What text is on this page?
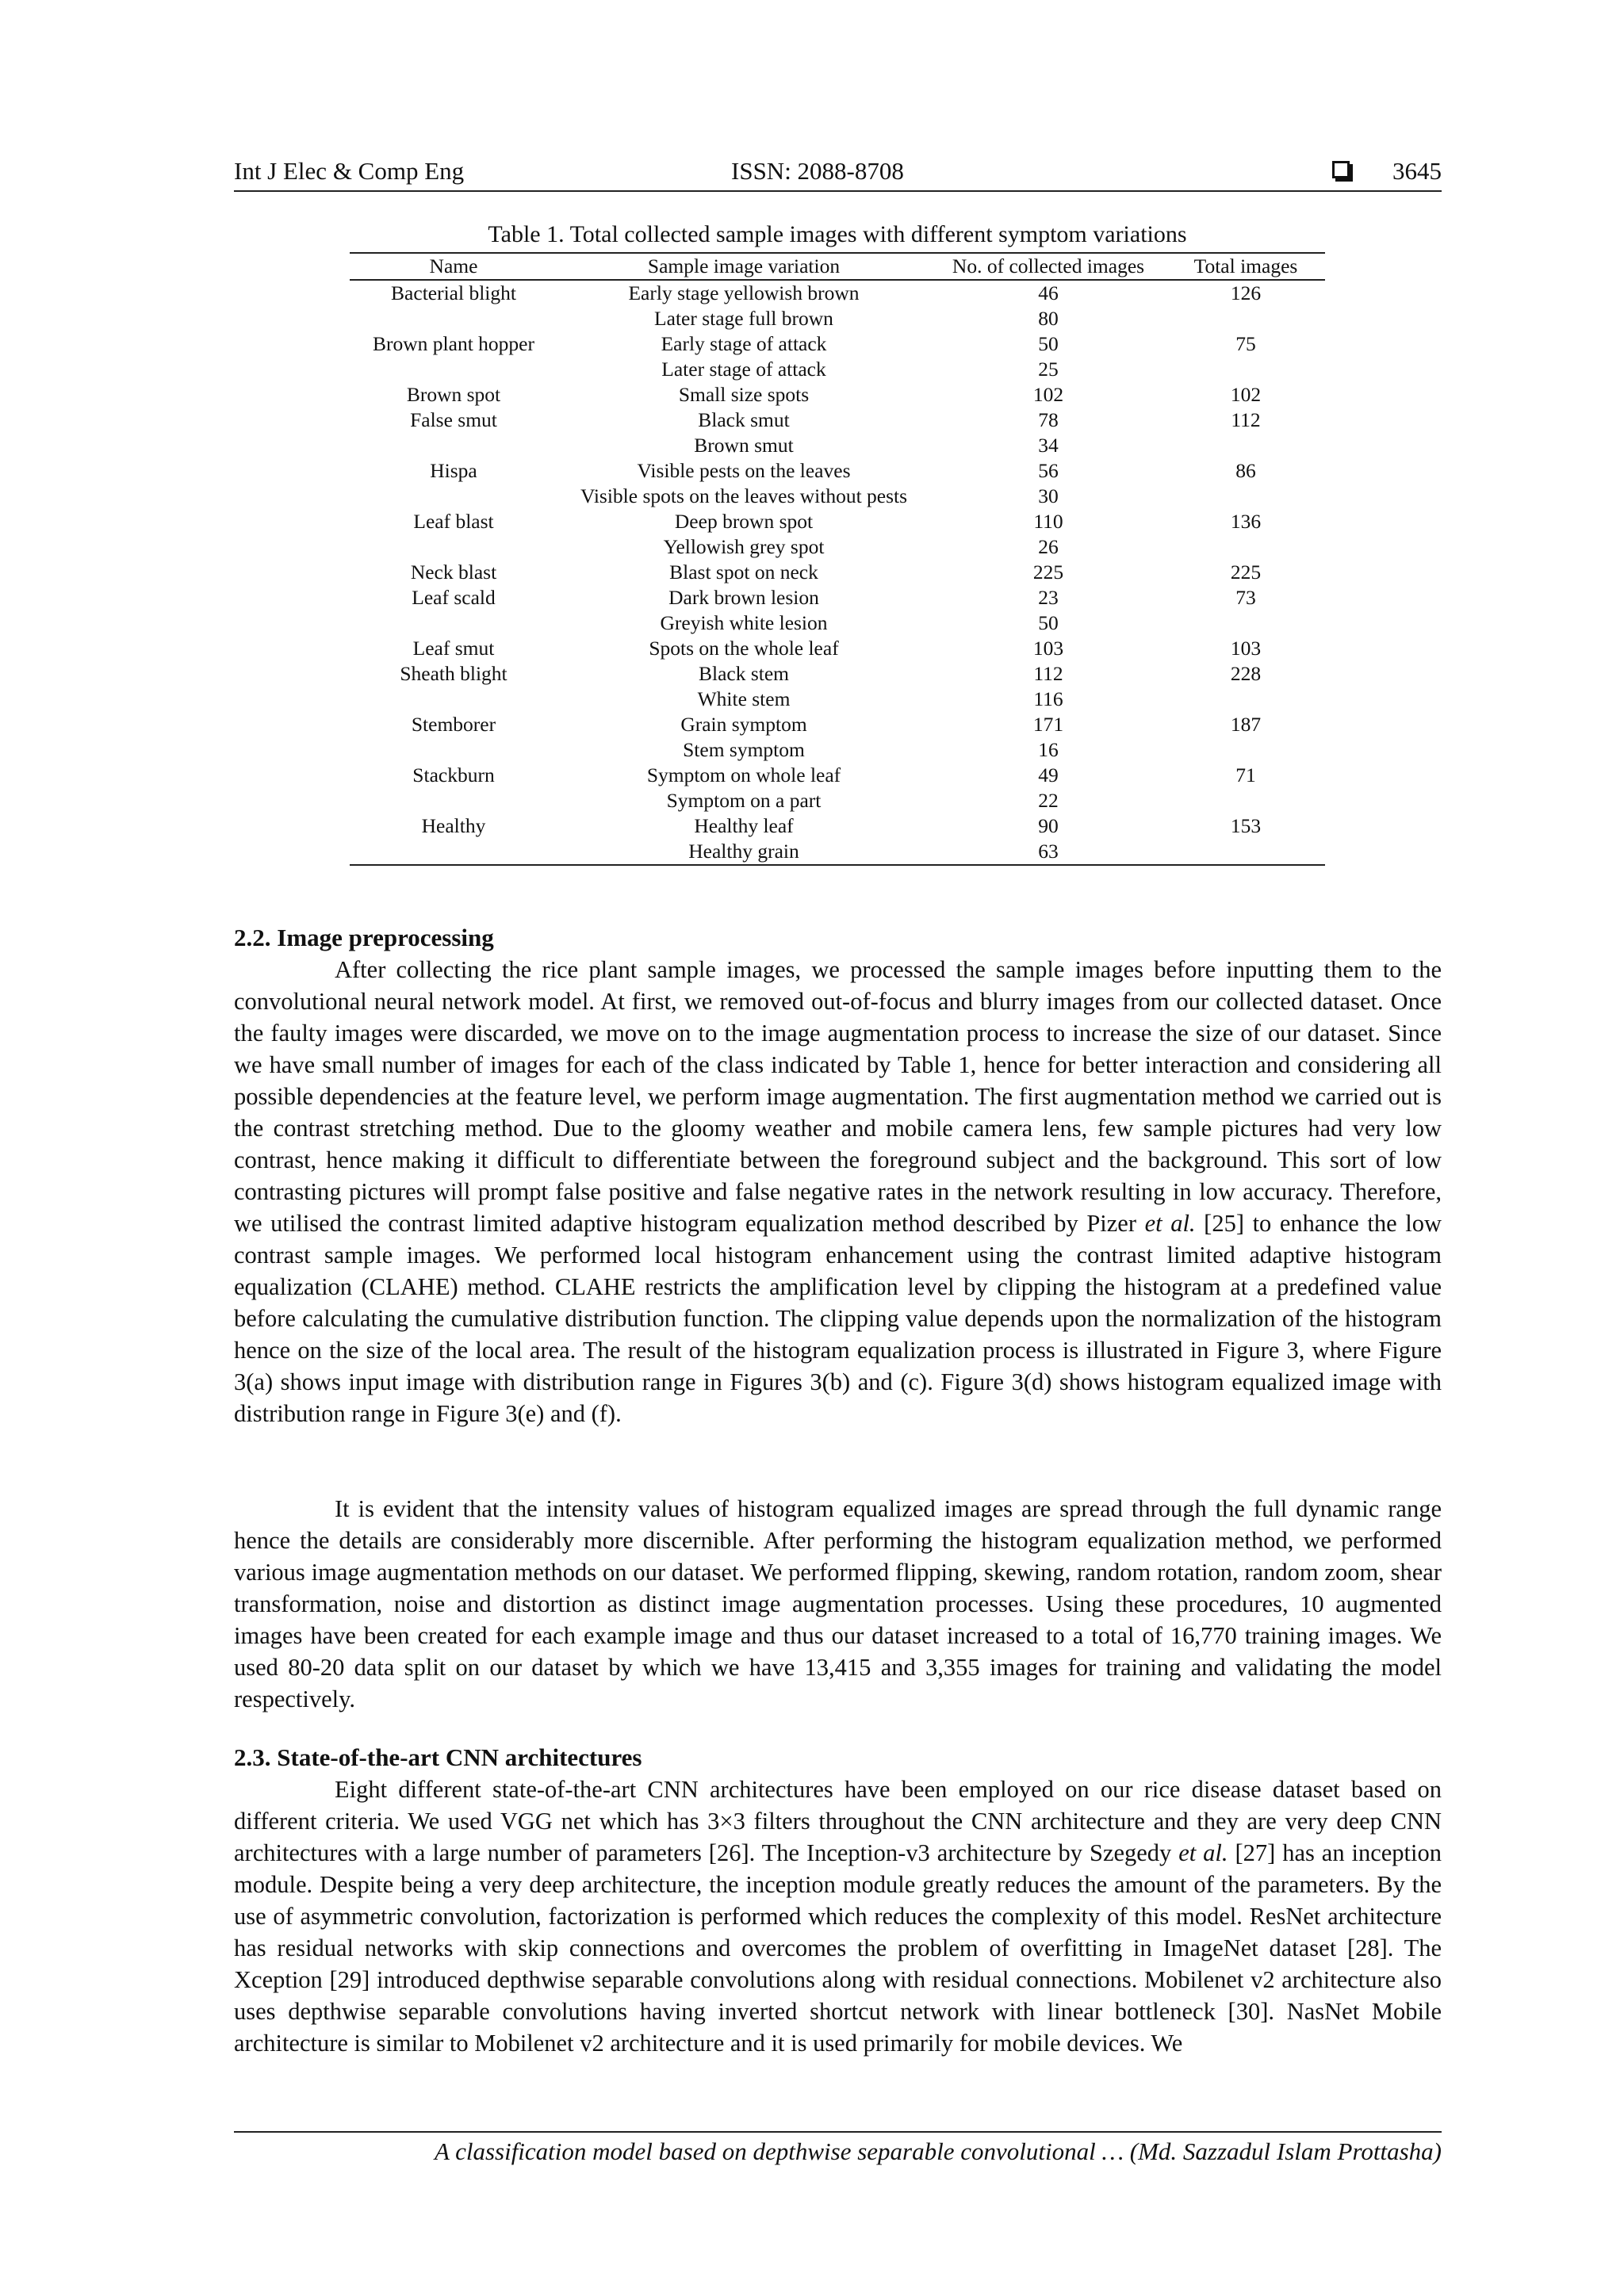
Int J Elec & Comp Eng	ISSN: 2088-8708	3645
Table 1. Total collected sample images with different symptom variations
Name	Sample image variation	No. of collected images	Total images
Bacterial blight	Early stage yellowish brown	46	126
	Later stage full brown	80	
Brown plant hopper	Early stage of attack	50	75
	Later stage of attack	25	
Brown spot	Small size spots	102	102
False smut	Black smut	78	112
	Brown smut	34	
Hispa	Visible pests on the leaves	56	86
	Visible spots on the leaves without pests	30	
Leaf blast	Deep brown spot	110	136
	Yellowish grey spot	26	
Neck blast	Blast spot on neck	225	225
Leaf scald	Dark brown lesion	23	73
	Greyish white lesion	50	
Leaf smut	Spots on the whole leaf	103	103
Sheath blight	Black stem	112	228
	White stem	116	
Stemborer	Grain symptom	171	187
	Stem symptom	16	
Stackburn	Symptom on whole leaf	49	71
	Symptom on a part	22	
Healthy	Healthy leaf	90	153
	Healthy grain	63	
2.2. Image preprocessing

After collecting the rice plant sample images, we processed the sample images before inputting them to the convolutional neural network model. At first, we removed out-of-focus and blurry images from our collected dataset. Once the faulty images were discarded, we move on to the image augmentation process to increase the size of our dataset. Since we have small number of images for each of the class indicated by Table 1, hence for better interaction and considering all possible dependencies at the feature level, we perform image augmentation. The first augmentation method we carried out is the contrast stretching method. Due to the gloomy weather and mobile camera lens, few sample pictures had very low contrast, hence making it difficult to differentiate between the foreground subject and the background. This sort of low contrasting pictures will prompt false positive and false negative rates in the network resulting in low accuracy. Therefore, we utilised the contrast limited adaptive histogram equalization method described by Pizer et al. [25] to enhance the low contrast sample images. We performed local histogram enhancement using the contrast limited adaptive histogram equalization (CLAHE) method. CLAHE restricts the amplification level by clipping the histogram at a predefined value before calculating the cumulative distribution function. The clipping value depends upon the normalization of the histogram hence on the size of the local area. The result of the histogram equalization process is illustrated in Figure 3, where Figure 3(a) shows input image with distribution range in Figures 3(b) and (c). Figure 3(d) shows histogram equalized image with distribution range in Figure 3(e) and (f).

It is evident that the intensity values of histogram equalized images are spread through the full dynamic range hence the details are considerably more discernible. After performing the histogram equalization method, we performed various image augmentation methods on our dataset. We performed flipping, skewing, random rotation, random zoom, shear transformation, noise and distortion as distinct image augmentation processes. Using these procedures, 10 augmented images have been created for each example image and thus our dataset increased to a total of 16,770 training images. We used 80-20 data split on our dataset by which we have 13,415 and 3,355 images for training and validating the model respectively.

2.3. State-of-the-art CNN architectures

Eight different state-of-the-art CNN architectures have been employed on our rice disease dataset based on different criteria. We used VGG net which has 3×3 filters throughout the CNN architecture and they are very deep CNN architectures with a large number of parameters [26]. The Inception-v3 architecture by Szegedy et al. [27] has an inception module. Despite being a very deep architecture, the inception module greatly reduces the amount of the parameters. By the use of asymmetric convolution, factorization is performed which reduces the complexity of this model. ResNet architecture has residual networks with skip connections and overcomes the problem of overfitting in ImageNet dataset [28]. The Xception [29] introduced depthwise separable convolutions along with residual connections. Mobilenet v2 architecture also uses depthwise separable convolutions having inverted shortcut network with linear bottleneck [30]. NasNet Mobile architecture is similar to Mobilenet v2 architecture and it is used primarily for mobile devices. We

A classification model based on depthwise separable convolutional … (Md. Sazzadul Islam Prottasha)
